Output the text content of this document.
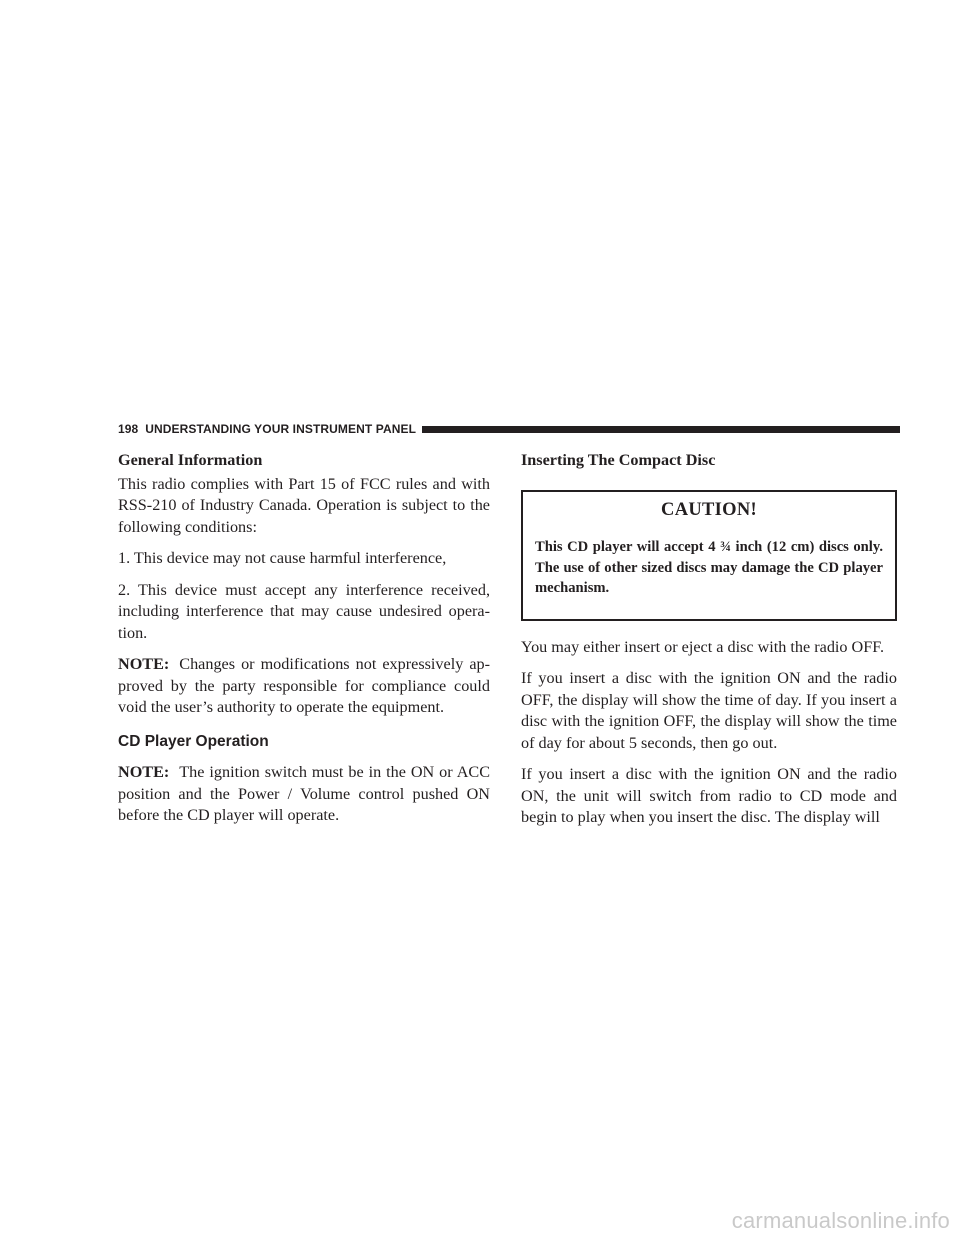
198 UNDERSTANDING YOUR INSTRUMENT PANEL
General Information

This radio complies with Part 15 of FCC rules and with RSS-210 of Industry Canada. Operation is subject to the following conditions:

1. This device may not cause harmful interference,

2. This device must accept any interference received, including interference that may cause undesired operation.

NOTE: Changes or modifications not expressively approved by the party responsible for compliance could void the user’s authority to operate the equipment.

CD Player Operation

NOTE: The ignition switch must be in the ON or ACC position and the Power / Volume control pushed ON before the CD player will operate.

Inserting The Compact Disc
CAUTION!

This CD player will accept 4 ¾ inch (12 cm) discs only. The use of other sized discs may damage the CD player mechanism.

You may either insert or eject a disc with the radio OFF.

If you insert a disc with the ignition ON and the radio OFF, the display will show the time of day. If you insert a disc with the ignition OFF, the display will show the time of day for about 5 seconds, then go out.

If you insert a disc with the ignition ON and the radio ON, the unit will switch from radio to CD mode and begin to play when you insert the disc. The display will

carmanualsonline.info
